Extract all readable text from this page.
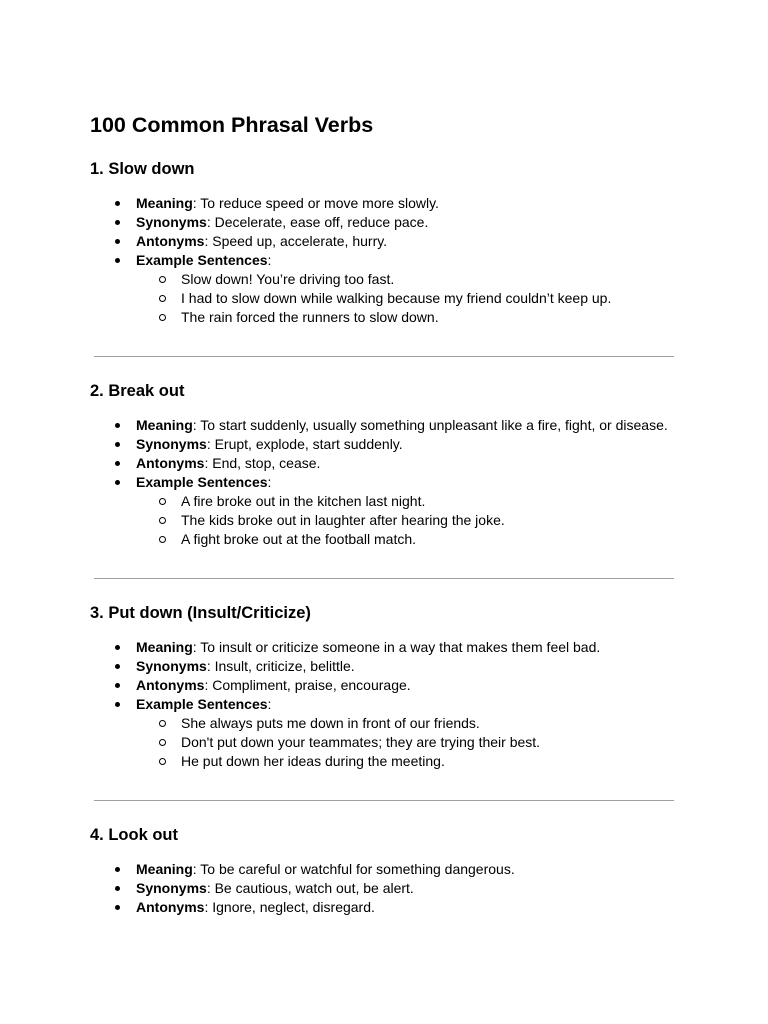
100 Common Phrasal Verbs
1. Slow down
Meaning: To reduce speed or move more slowly.
Synonyms: Decelerate, ease off, reduce pace.
Antonyms: Speed up, accelerate, hurry.
Example Sentences:
Slow down! You’re driving too fast.
I had to slow down while walking because my friend couldn’t keep up.
The rain forced the runners to slow down.
2. Break out
Meaning: To start suddenly, usually something unpleasant like a fire, fight, or disease.
Synonyms: Erupt, explode, start suddenly.
Antonyms: End, stop, cease.
Example Sentences:
A fire broke out in the kitchen last night.
The kids broke out in laughter after hearing the joke.
A fight broke out at the football match.
3. Put down (Insult/Criticize)
Meaning: To insult or criticize someone in a way that makes them feel bad.
Synonyms: Insult, criticize, belittle.
Antonyms: Compliment, praise, encourage.
Example Sentences:
She always puts me down in front of our friends.
Don't put down your teammates; they are trying their best.
He put down her ideas during the meeting.
4. Look out
Meaning: To be careful or watchful for something dangerous.
Synonyms: Be cautious, watch out, be alert.
Antonyms: Ignore, neglect, disregard.
